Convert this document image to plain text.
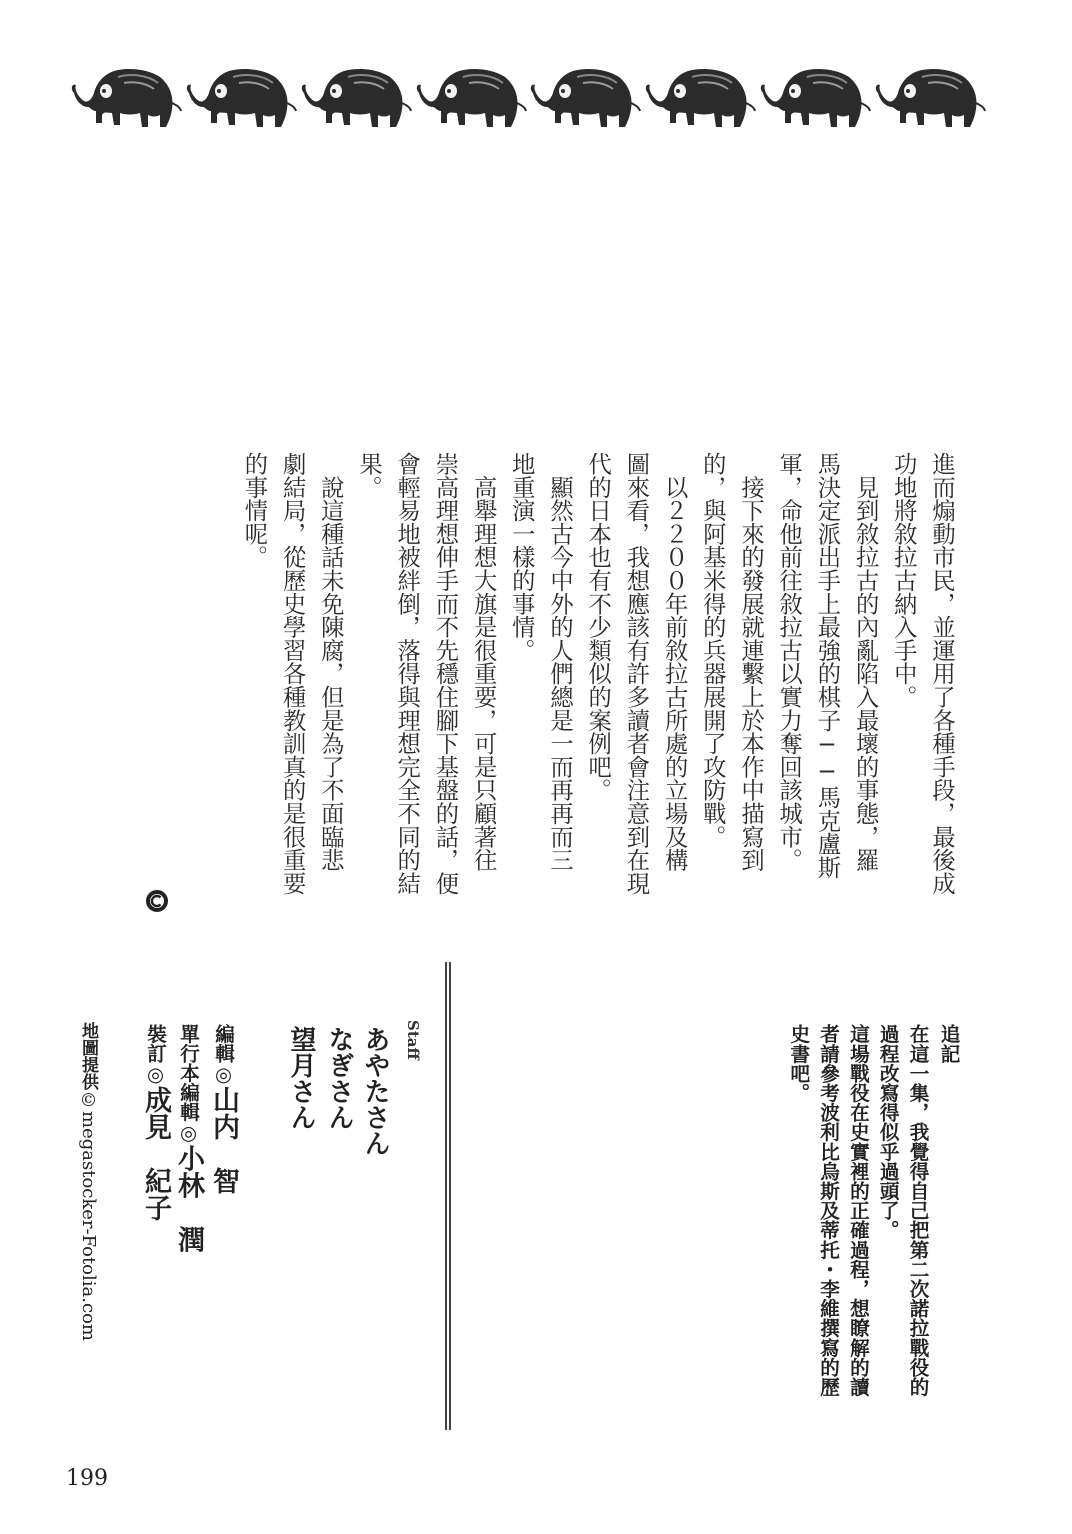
進而煽動市民，並運用了各種手段，最後成
功地將敘拉古納入手中。
　見到敘拉古的內亂陷入最壞的事態，羅
馬決定派出手上最強的棋子──馬克盧斯
軍，命他前往敘拉古以實力奪回該城市。
　接下來的發展就連繫上於本作中描寫到
的，與阿基米得的兵器展開了攻防戰。
　以２２００年前敘拉古所處的立場及構
圖來看，我想應該有許多讀者會注意到在現
代的日本也有不少類似的案例吧。
　顯然古今中外的人們總是一而再再而三
地重演一樣的事情。
　高舉理想大旗是很重要，可是只顧著往
崇高理想伸手而不先穩住腳下基盤的話，便
會輕易地被絆倒，落得與理想完全不同的結
果。
　說這種話未免陳腐，但是為了不面臨悲
劇結局，從歷史學習各種教訓真的是很重要
的事情呢。
追記
在這一集，我覺得自己把第二次諾拉戰役的
過程改寫得似乎過頭了。
這場戰役在史實裡的正確過程，想瞭解的讀
者請參考波利比烏斯及蒂托・李維撰寫的歷
史書吧。
Staff
あやたさん
なぎさん
望月さん
編輯◎山内　智
單行本編輯◎小林　潤
裝訂◎成見　紀子
地圖提供©megastocker-Fotolia.com
199
